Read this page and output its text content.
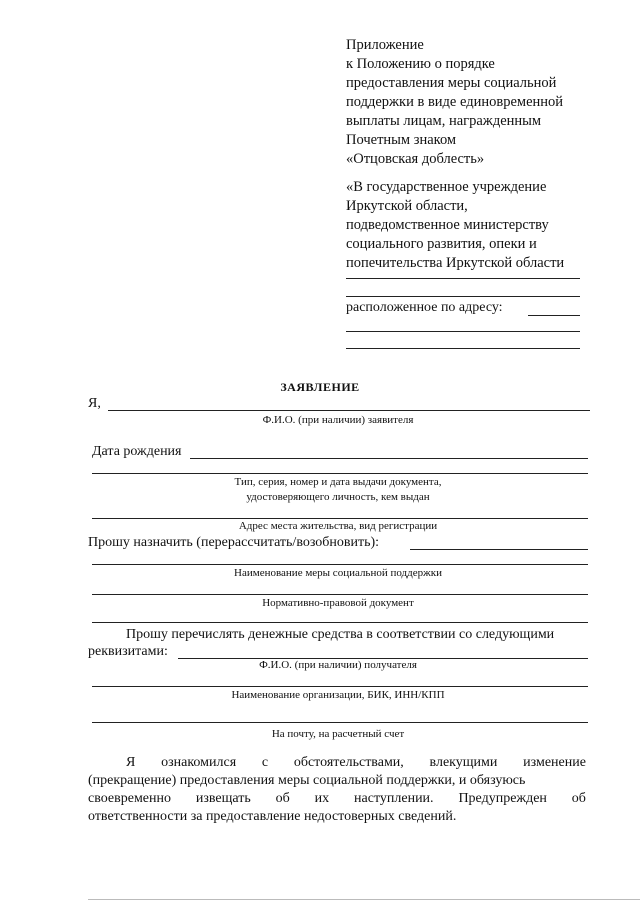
Приложение
к Положению о порядке
предоставления меры социальной
поддержки в виде единовременной
выплаты лицам, награжденным
Почетным знаком
«Отцовская доблесть»
«В государственное учреждение
Иркутской области,
подведомственное министерству
социального развития, опеки и
попечительства Иркутской области
расположенное по адресу:
ЗАЯВЛЕНИЕ
Я,
Ф.И.О. (при наличии) заявителя
Дата рождения
Тип, серия, номер и дата выдачи документа,
удостоверяющего личность, кем выдан
Адрес места жительства, вид регистрации
Прошу назначить (перерассчитать/возобновить):
Наименование меры социальной поддержки
Нормативно-правовой документ
Прошу перечислять денежные средства в соответствии со следующими
реквизитами:
Ф.И.О. (при наличии) получателя
Наименование организации, БИК, ИНН/КПП
На почту, на расчетный счет
Я ознакомился с обстоятельствами, влекущими изменение
(прекращение) предоставления меры социальной поддержки, и обязуюсь
своевременно извещать об их наступлении. Предупрежден об
ответственности за предоставление недостоверных сведений.
